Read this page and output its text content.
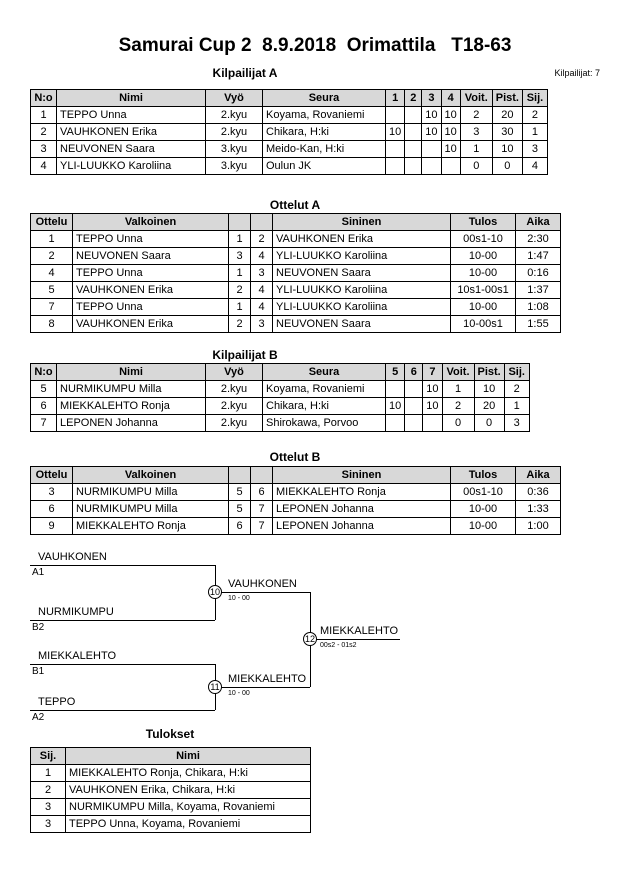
Samurai Cup 2  8.9.2018  Orimattila   T18-63
Kilpailijat: 7
Kilpailijat A
N:o	Nimi	Vyö	Seura	1	2	3	4	Voit.	Pist.	Sij.
1	TEPPO Unna	2.kyu	Koyama, Rovaniemi			10	10	2	20	2
2	VAUHKONEN Erika	2.kyu	Chikara, H:ki	10		10	10	3	30	1
3	NEUVONEN Saara	3.kyu	Meido-Kan, H:ki				10	1	10	3
4	YLI-LUUKKO Karoliina	3.kyu	Oulun JK					0	0	4
Ottelut A
Ottelu	Valkoinen			Sininen	Tulos	Aika
1	TEPPO Unna	1	2	VAUHKONEN Erika	00s1-10	2:30
2	NEUVONEN Saara	3	4	YLI-LUUKKO Karoliina	10-00	1:47
4	TEPPO Unna	1	3	NEUVONEN Saara	10-00	0:16
5	VAUHKONEN Erika	2	4	YLI-LUUKKO Karoliina	10s1-00s1	1:37
7	TEPPO Unna	1	4	YLI-LUUKKO Karoliina	10-00	1:08
8	VAUHKONEN Erika	2	3	NEUVONEN Saara	10-00s1	1:55
Kilpailijat B
N:o	Nimi	Vyö	Seura	5	6	7	Voit.	Pist.	Sij.
5	NURMIKUMPU Milla	2.kyu	Koyama, Rovaniemi			10	1	10	2
6	MIEKKALEHTO Ronja	2.kyu	Chikara, H:ki	10		10	2	20	1
7	LEPONEN Johanna	2.kyu	Shirokawa, Porvoo				0	0	3
Ottelut B
Ottelu	Valkoinen			Sininen	Tulos	Aika
3	NURMIKUMPU Milla	5	6	MIEKKALEHTO Ronja	00s1-10	0:36
6	NURMIKUMPU Milla	5	7	LEPONEN Johanna	10-00	1:33
9	MIEKKALEHTO Ronja	6	7	LEPONEN Johanna	10-00	1:00
VAUHKONEN
A1
NURMIKUMPU
B2
10
VAUHKONEN
10 - 00
MIEKKALEHTO
B1
TEPPO
A2
11
MIEKKALEHTO
10 - 00
12
MIEKKALEHTO
00s2 - 01s2
Tulokset
Sij.	Nimi
1	MIEKKALEHTO Ronja, Chikara, H:ki
2	VAUHKONEN Erika, Chikara, H:ki
3	NURMIKUMPU Milla, Koyama, Rovaniemi
3	TEPPO Unna, Koyama, Rovaniemi
